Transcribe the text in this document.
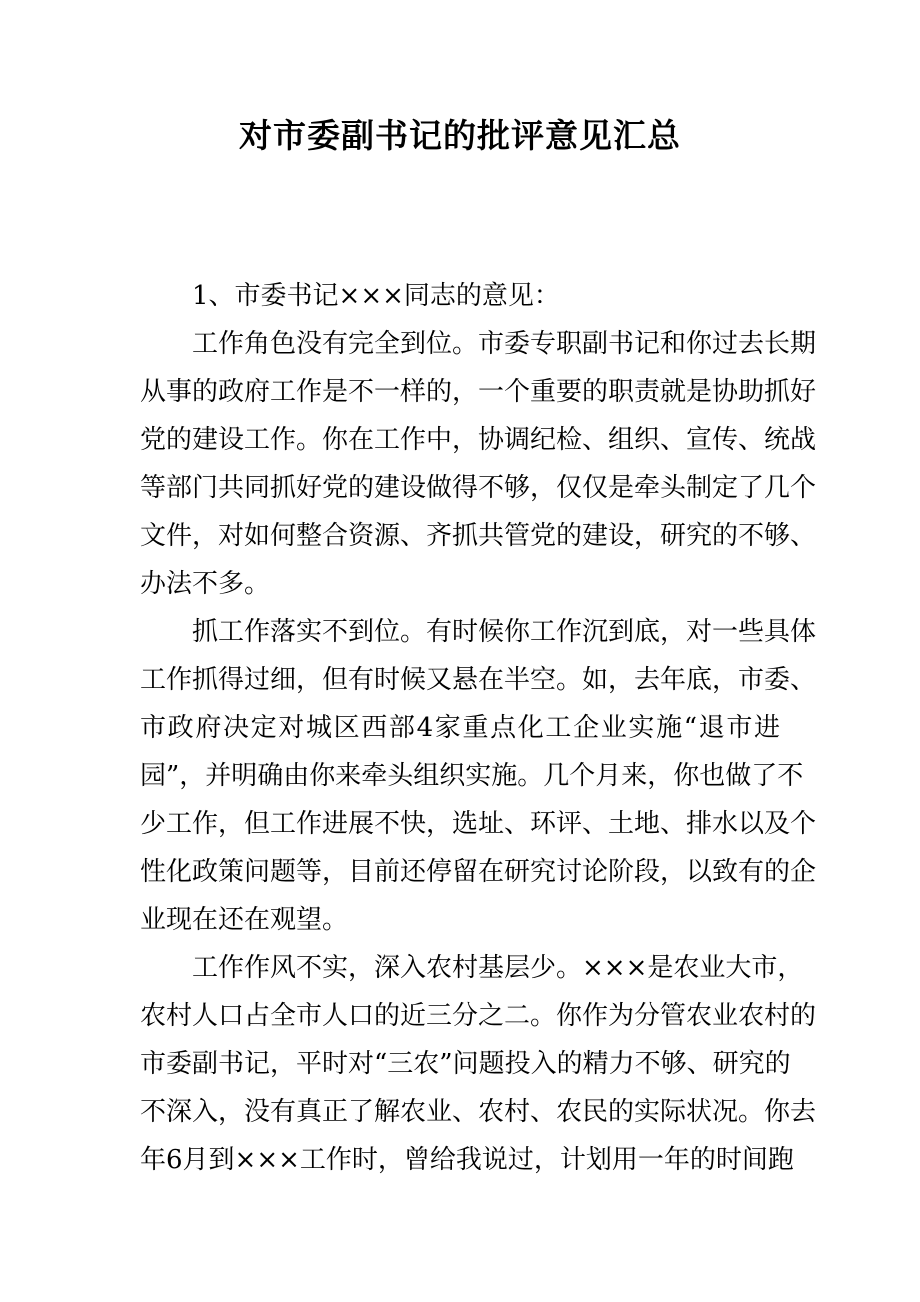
对市委副书记的批评意见汇总
1、市委书记×××同志的意见：
工作角色没有完全到位。市委专职副书记和你过去长期
从事的政府工作是不一样的，一个重要的职责就是协助抓好
党的建设工作。你在工作中，协调纪检、组织、宣传、统战
等部门共同抓好党的建设做得不够，仅仅是牵头制定了几个
文件，对如何整合资源、齐抓共管党的建设，研究的不够、
办法不多。
抓工作落实不到位。有时候你工作沉到底，对一些具体
工作抓得过细，但有时候又悬在半空。如，去年底，市委、
市政府决定对城区西部4家重点化工企业实施“退市进
园”，并明确由你来牵头组织实施。几个月来，你也做了不
少工作，但工作进展不快，选址、环评、土地、排水以及个
性化政策问题等，目前还停留在研究讨论阶段，以致有的企
业现在还在观望。
工作作风不实，深入农村基层少。×××是农业大市，
农村人口占全市人口的近三分之二。你作为分管农业农村的
市委副书记，平时对“三农”问题投入的精力不够、研究的
不深入，没有真正了解农业、农村、农民的实际状况。你去
年6月到×××工作时，曾给我说过，计划用一年的时间跑
